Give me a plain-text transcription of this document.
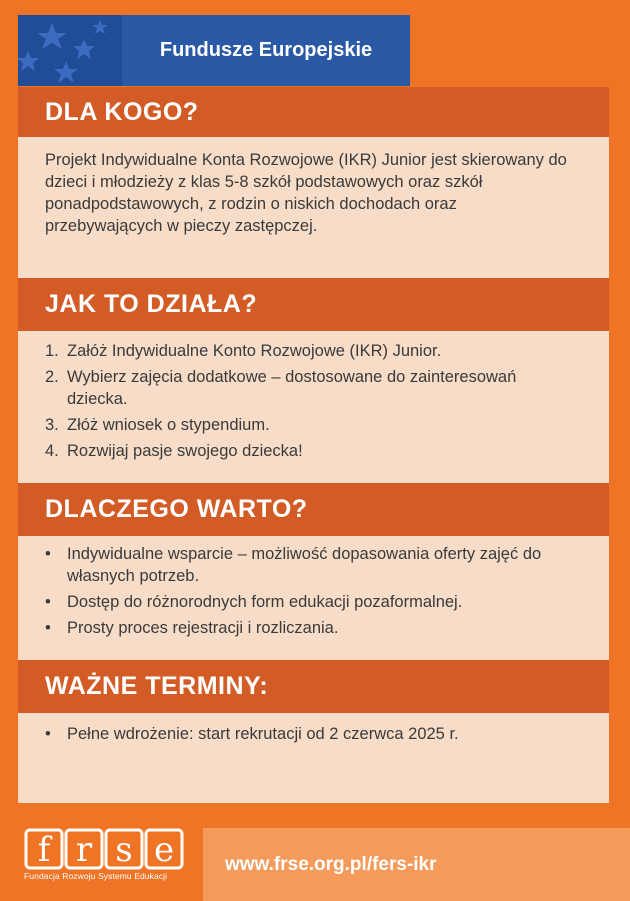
Fundusze Europejskie
DLA KOGO?
Projekt Indywidualne Konta Rozwojowe (IKR) Junior jest skierowany do dzieci i młodzieży z klas 5-8 szkół podstawowych oraz szkół ponadpodstawowych, z rodzin o niskich dochodach oraz przebywających w pieczy zastępczej.
JAK TO DZIAŁA?
1. Załóż Indywidualne Konto Rozwojowe (IKR) Junior.
2. Wybierz zajęcia dodatkowe – dostosowane do zainteresowań dziecka.
3. Złóż wniosek o stypendium.
4. Rozwijaj pasje swojego dziecka!
DLACZEGO WARTO?
• Indywidualne wsparcie – możliwość dopasowania oferty zajęć do własnych potrzeb.
• Dostęp do różnorodnych form edukacji pozaformalnej.
• Prosty proces rejestracji i rozliczania.
WAŻNE TERMINY:
• Pełne wdrożenie: start rekrutacji od 2 czerwca 2025 r.
f r s e
Fundacja Rozwoju Systemu Edukacji
www.frse.org.pl/fers-ikr
